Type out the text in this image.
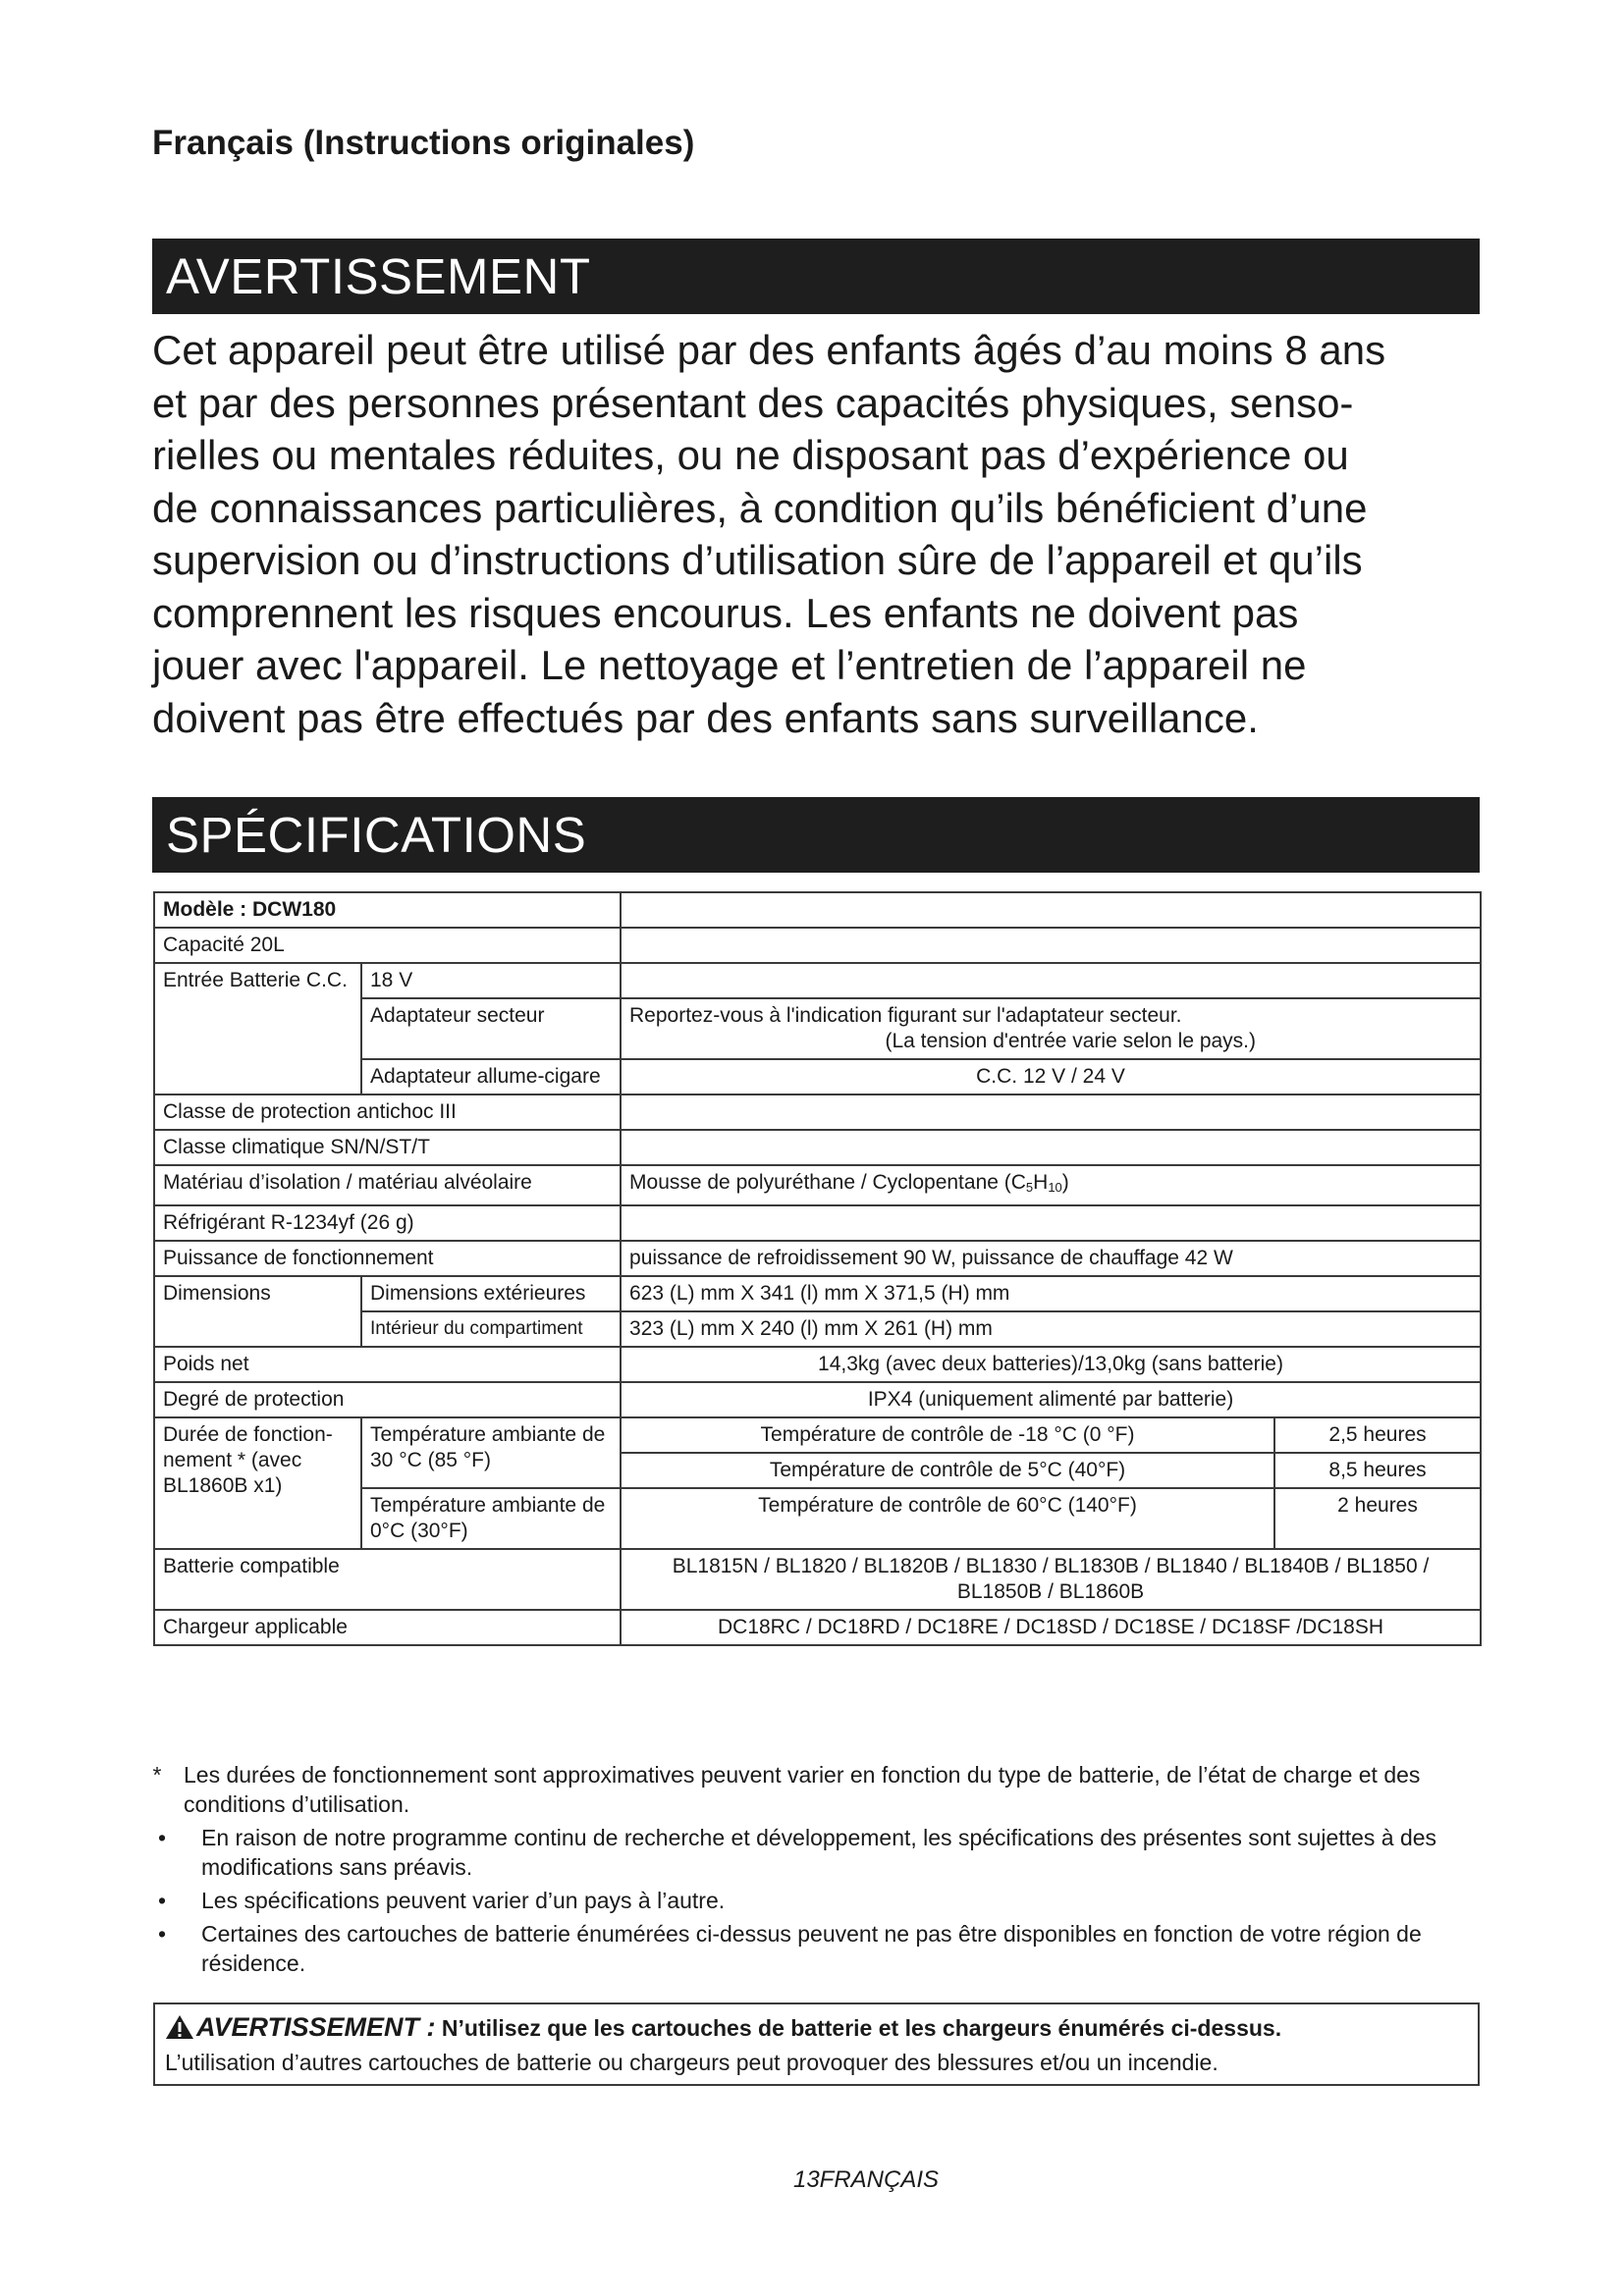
Français (Instructions originales)
AVERTISSEMENT

Cet appareil peut être utilisé par des enfants âgés d’au moins 8 ans

et par des personnes présentant des capacités physiques, senso-

rielles ou mentales réduites, ou ne disposant pas d’expérience ou

de connaissances particulières, à condition qu’ils bénéficient d’une

supervision ou d’instructions d’utilisation sûre de l’appareil et qu’ils

comprennent les risques encourus. Les enfants ne doivent pas

jouer avec l'appareil. Le nettoyage et l’entretien de l’appareil ne

doivent pas être effectués par des enfants sans surveillance.

SPÉCIFICATIONS
Modèle : DCW180			
Capacité 20L			
Entrée Batterie C.C.	18 V		
	Adaptateur secteur	Reportez-vous à l'indication figurant sur l'adaptateur secteur.
(La tension d'entrée varie selon le pays.)	

	Adaptateur allume-cigare	C.C. 12 V / 24 V	
Classe de protection antichoc III			
Classe climatique SN/N/ST/T			
Matériau d’isolation / matériau alvéolaire		Mousse de polyuréthane / Cyclopentane (C5H10)	
Réfrigérant R-1234yf (26 g)			
Puissance de fonctionnement		puissance de refroidissement 90 W, puissance de chauffage 42 W	
Dimensions	Dimensions extérieures	623 (L) mm X 341 (l) mm X 371,5 (H) mm	
	Intérieur du compartiment	323 (L) mm X 240 (l) mm X 261 (H) mm	
Poids net		14,3kg (avec deux batteries)/13,0kg (sans batterie)	
Degré de protection		IPX4 (uniquement alimenté par batterie)	
Durée de fonction-nement * (avec BL1860B x1)	Température ambiante de 30 °C (85 °F)	Température de contrôle de -18 °C (0 °F)	2,5 heures
		Température de contrôle de 5°C (40°F)	8,5 heures
	Température ambiante de 0°C (30°F)	Température de contrôle de 60°C (140°F)	2 heures
Batterie compatible		BL1815N / BL1820 / BL1820B / BL1830 / BL1830B / BL1840 / BL1840B / BL1850 /
BL1850B / BL1860B	

Chargeur applicable		DC18RC / DC18RD / DC18RE / DC18SD / DC18SE / DC18SF /DC18SH	
* Les durées de fonctionnement sont approximatives peuvent varier en fonction du type de batterie, de l’état de charge et des conditions d’utilisation.
•	En raison de notre programme continu de recherche et développement, les spécifications des présentes sont sujettes à des modifications sans préavis.
•	Les spécifications peuvent varier d’un pays à l’autre.
•	Certaines des cartouches de batterie énumérées ci-dessus peuvent ne pas être disponibles en fonction de votre région de résidence.
AVERTISSEMENT : N’utilisez que les cartouches de batterie et les chargeurs énumérés ci-dessus.
L’utilisation d’autres cartouches de batterie ou chargeurs peut provoquer des blessures et/ou un incendie.
13FRANÇAIS
